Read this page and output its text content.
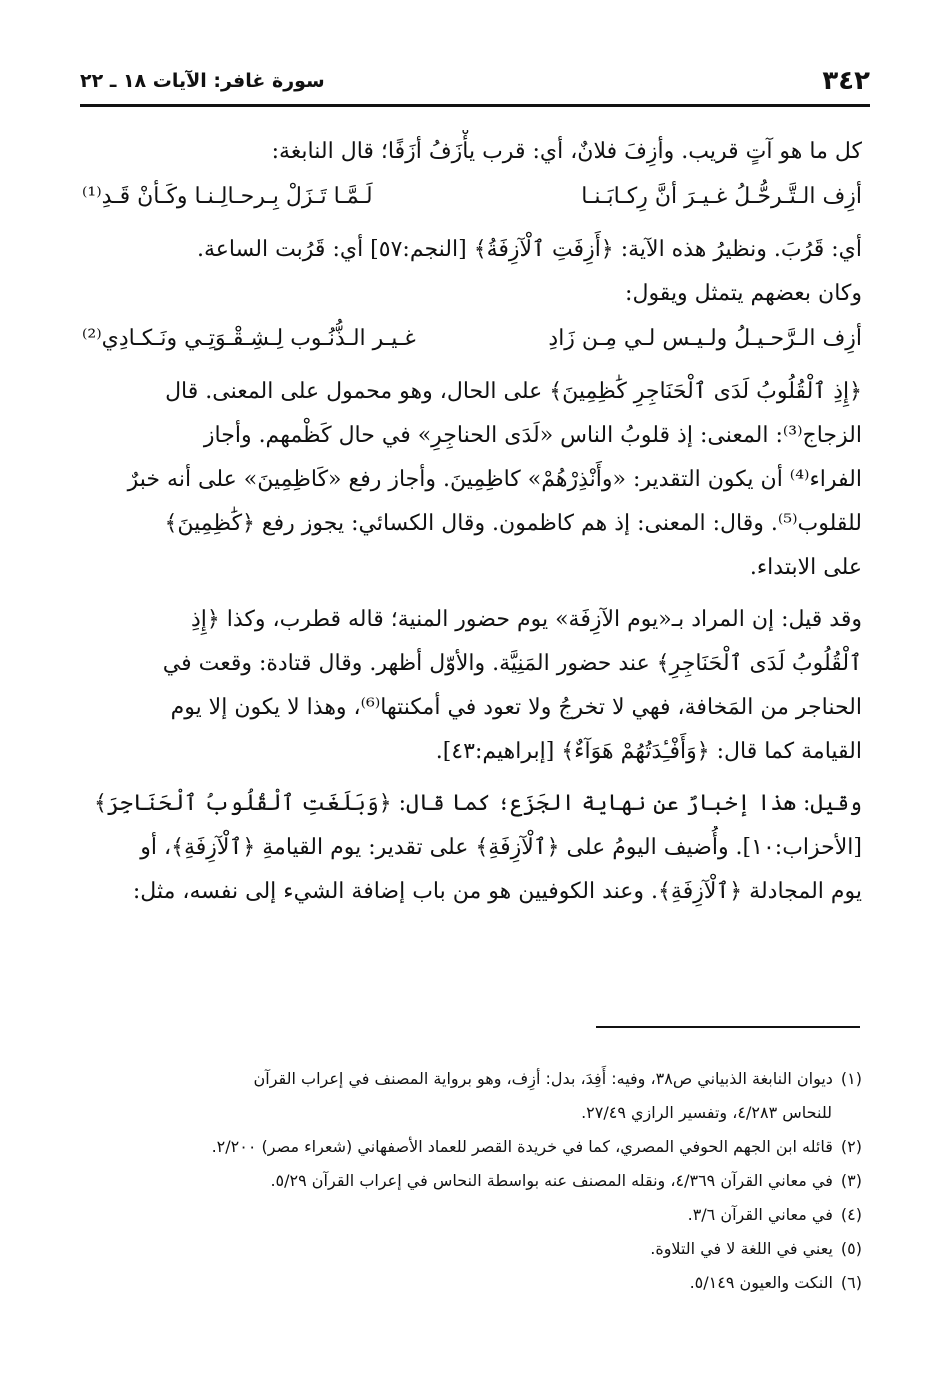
٣٤٢
سورة غافر: الآيات ١٨ ـ ٢٢
كل ما هو آتٍ قريب. وأزِفَ فلانٌ، أي: قرب يأْزَفُ أزَفًا؛ قال النابغة:
أزِف الـتَّـرحُّـلُ غـيـرَ أنَّ رِكـابَـنـا
لَـمَّـا تَـزَلْ بِـرحـالِـنـا وكَـأنْ قَـدِ⁽¹⁾
أي: قَرُبَ. ونظيرُ هذه الآية: ﴿أَزِفَتِ ٱلْآزِفَةُ﴾ [النجم:٥٧] أي: قَرُبت الساعة.
وكان بعضهم يتمثل ويقول:
أزِف الـرَّحـيـلُ ولـيـس لـي مِـن زَادِ
غـيـر الـذُّنُـوب لِـشِـقْـوَتِـي ونَـكـادِي⁽²⁾
﴿إِذِ ٱلْقُلُوبُ لَدَى ٱلْحَنَاجِرِ كَٰظِمِينَ﴾ على الحال، وهو محمول على المعنى. قال
الزجاج⁽³⁾: المعنى: إذ قلوبُ الناس «لَدَى الحناجِرِ» في حال كَظْمهم. وأجاز
الفراء⁽⁴⁾ أن يكون التقدير: «وأَنْذِرْهُمْ» كاظِمِينَ. وأجاز رفع «كَاظِمِينَ» على أنه خبرٌ
للقلوب⁽⁵⁾. وقال: المعنى: إذ هم كاظمون. وقال الكسائي: يجوز رفع ﴿كَٰظِمِينَ﴾
على الابتداء.
وقد قيل: إن المراد بـ«يوم الآزِفَة» يوم حضور المنية؛ قاله قطرب، وكذا ﴿إِذِ
ٱلْقُلُوبُ لَدَى ٱلْحَنَاجِرِ﴾ عند حضور المَنِيَّة. والأوّل أظهر. وقال قتادة: وقعت في
الحناجر من المَخافة، فهي لا تخرجُ ولا تعود في أمكنتها⁽⁶⁾، وهذا لا يكون إلا يوم
القيامة كما قال: ﴿وَأَفْـِٔدَتُهُمْ هَوَآءٌ﴾ [إبراهيم:٤٣].
وقيل: هذا إخبارٌ عن نهاية الجَزَع؛ كما قال: ﴿وَبَلَغَتِ ٱلْقُلُوبُ ٱلْحَنَاجِرَ﴾
[الأحزاب:١٠]. وأُضيف اليومُ على ﴿ٱلْآزِفَةِ﴾ على تقدير: يوم القيامةِ ﴿ٱلْآزِفَةِ﴾، أو
يوم المجادلة ﴿ٱلْآزِفَةِ﴾. وعند الكوفيين هو من باب إضافة الشيء إلى نفسه، مثل:
(١)ديوان النابغة الذبياني ص٣٨، وفيه: أَفِدَ، بدل: أزِف، وهو برواية المصنف في إعراب القرآن
للنحاس ٤/٢٨٣، وتفسير الرازي ٢٧/٤٩.
(٢)قائله ابن الجهم الحوفي المصري، كما في خريدة القصر للعماد الأصفهاني (شعراء مصر) ٢/٢٠٠.
(٣)في معاني القرآن ٤/٣٦٩، ونقله المصنف عنه بواسطة النحاس في إعراب القرآن ٥/٢٩.
(٤)في معاني القرآن ٣/٦.
(٥)يعني في اللغة لا في التلاوة.
(٦)النكت والعيون ٥/١٤٩.
